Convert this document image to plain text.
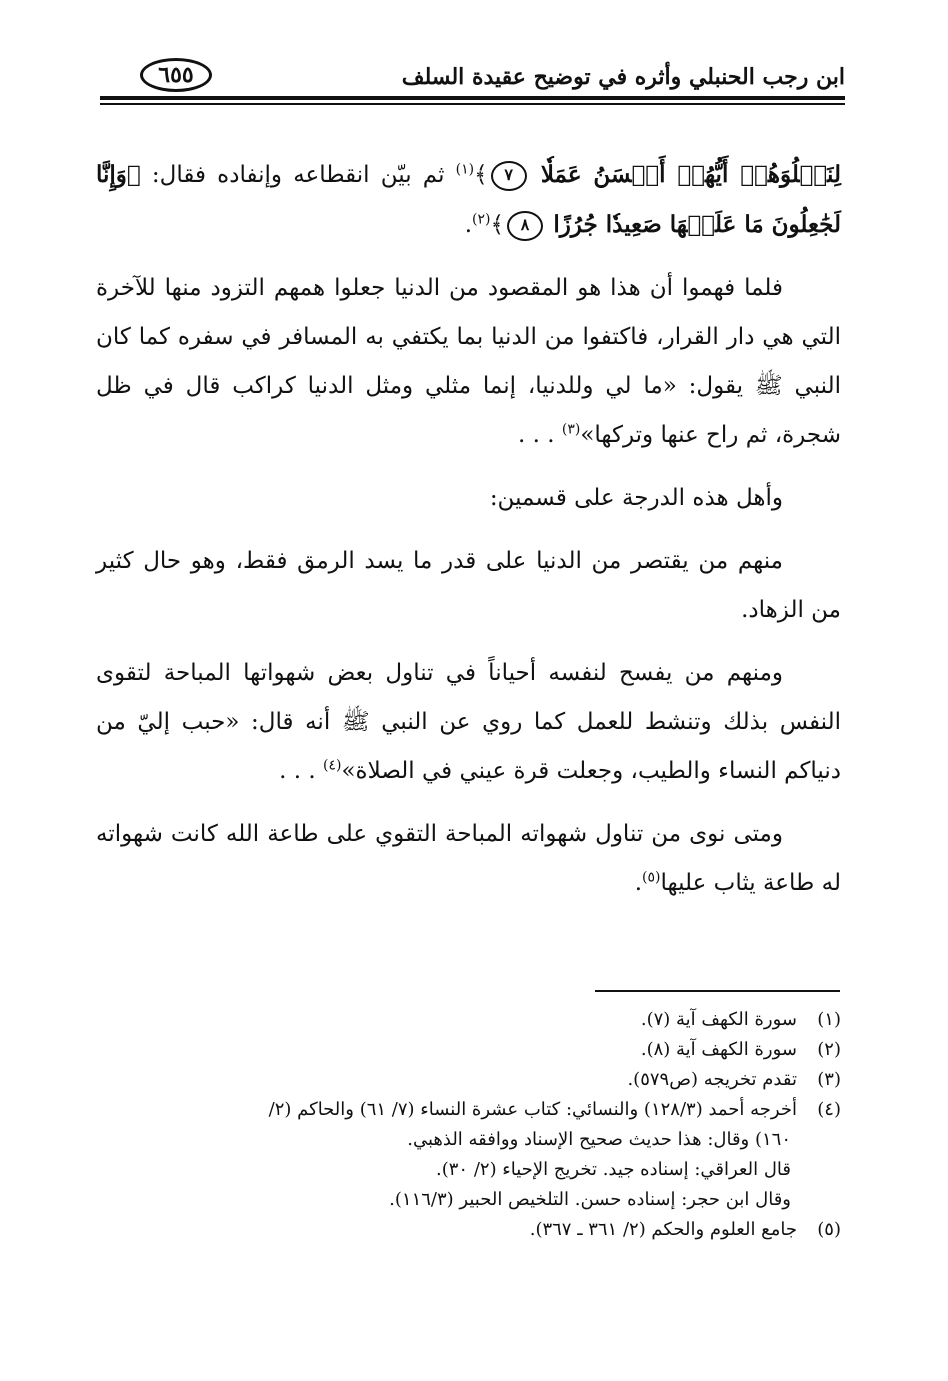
ابن رجب الحنبلي وأثره في توضيح عقيدة السلف
٦٥٥

لِنَبۡلُوَهُمۡ أَيُّهُمۡ أَحۡسَنُ عَمَلٗا ٧﴾$^{(١)}$ ثم بيّن انقطاعه وإنفاده فقال: ﴿وَإِنَّا لَجَٰعِلُونَ مَا عَلَيۡهَا صَعِيدٗا جُرُزًا ٨﴾$^{(٢)}$.

فلما فهموا أن هذا هو المقصود من الدنيا جعلوا همهم التزود منها للآخرة التي هي دار القرار، فاكتفوا من الدنيا بما يكتفي به المسافر في سفره كما كان النبي ﷺ يقول: «ما لي وللدنيا، إنما مثلي ومثل الدنيا كراكب قال في ظل شجرة، ثم راح عنها وتركها»$^{(٣)}$ . . .

وأهل هذه الدرجة على قسمين:

منهم من يقتصر من الدنيا على قدر ما يسد الرمق فقط، وهو حال كثير من الزهاد.

ومنهم من يفسح لنفسه أحياناً في تناول بعض شهواتها المباحة لتقوى النفس بذلك وتنشط للعمل كما روي عن النبي ﷺ أنه قال: «حبب إليّ من دنياكم النساء والطيب، وجعلت قرة عيني في الصلاة»$^{(٤)}$ . . .

ومتى نوى من تناول شهواته المباحة التقوي على طاعة الله كانت شهواته له طاعة يثاب عليها$^{(٥)}$.

(١)
سورة الكهف آية (٧).
(٢)
سورة الكهف آية (٨).
(٣)
تقدم تخريجه (ص٥٧٩).
(٤)
أخرجه أحمد (١٢٨/٣) والنسائي: كتاب عشرة النساء (٧/ ٦١) والحاكم (٢/
١٦٠) وقال: هذا حديث صحيح الإسناد ووافقه الذهبي.
قال العراقي: إسناده جيد. تخريج الإحياء (٢/ ٣٠).
وقال ابن حجر: إسناده حسن. التلخيص الحبير (١١٦/٣).
(٥)
جامع العلوم والحكم (٢/ ٣٦١ ـ ٣٦٧).
